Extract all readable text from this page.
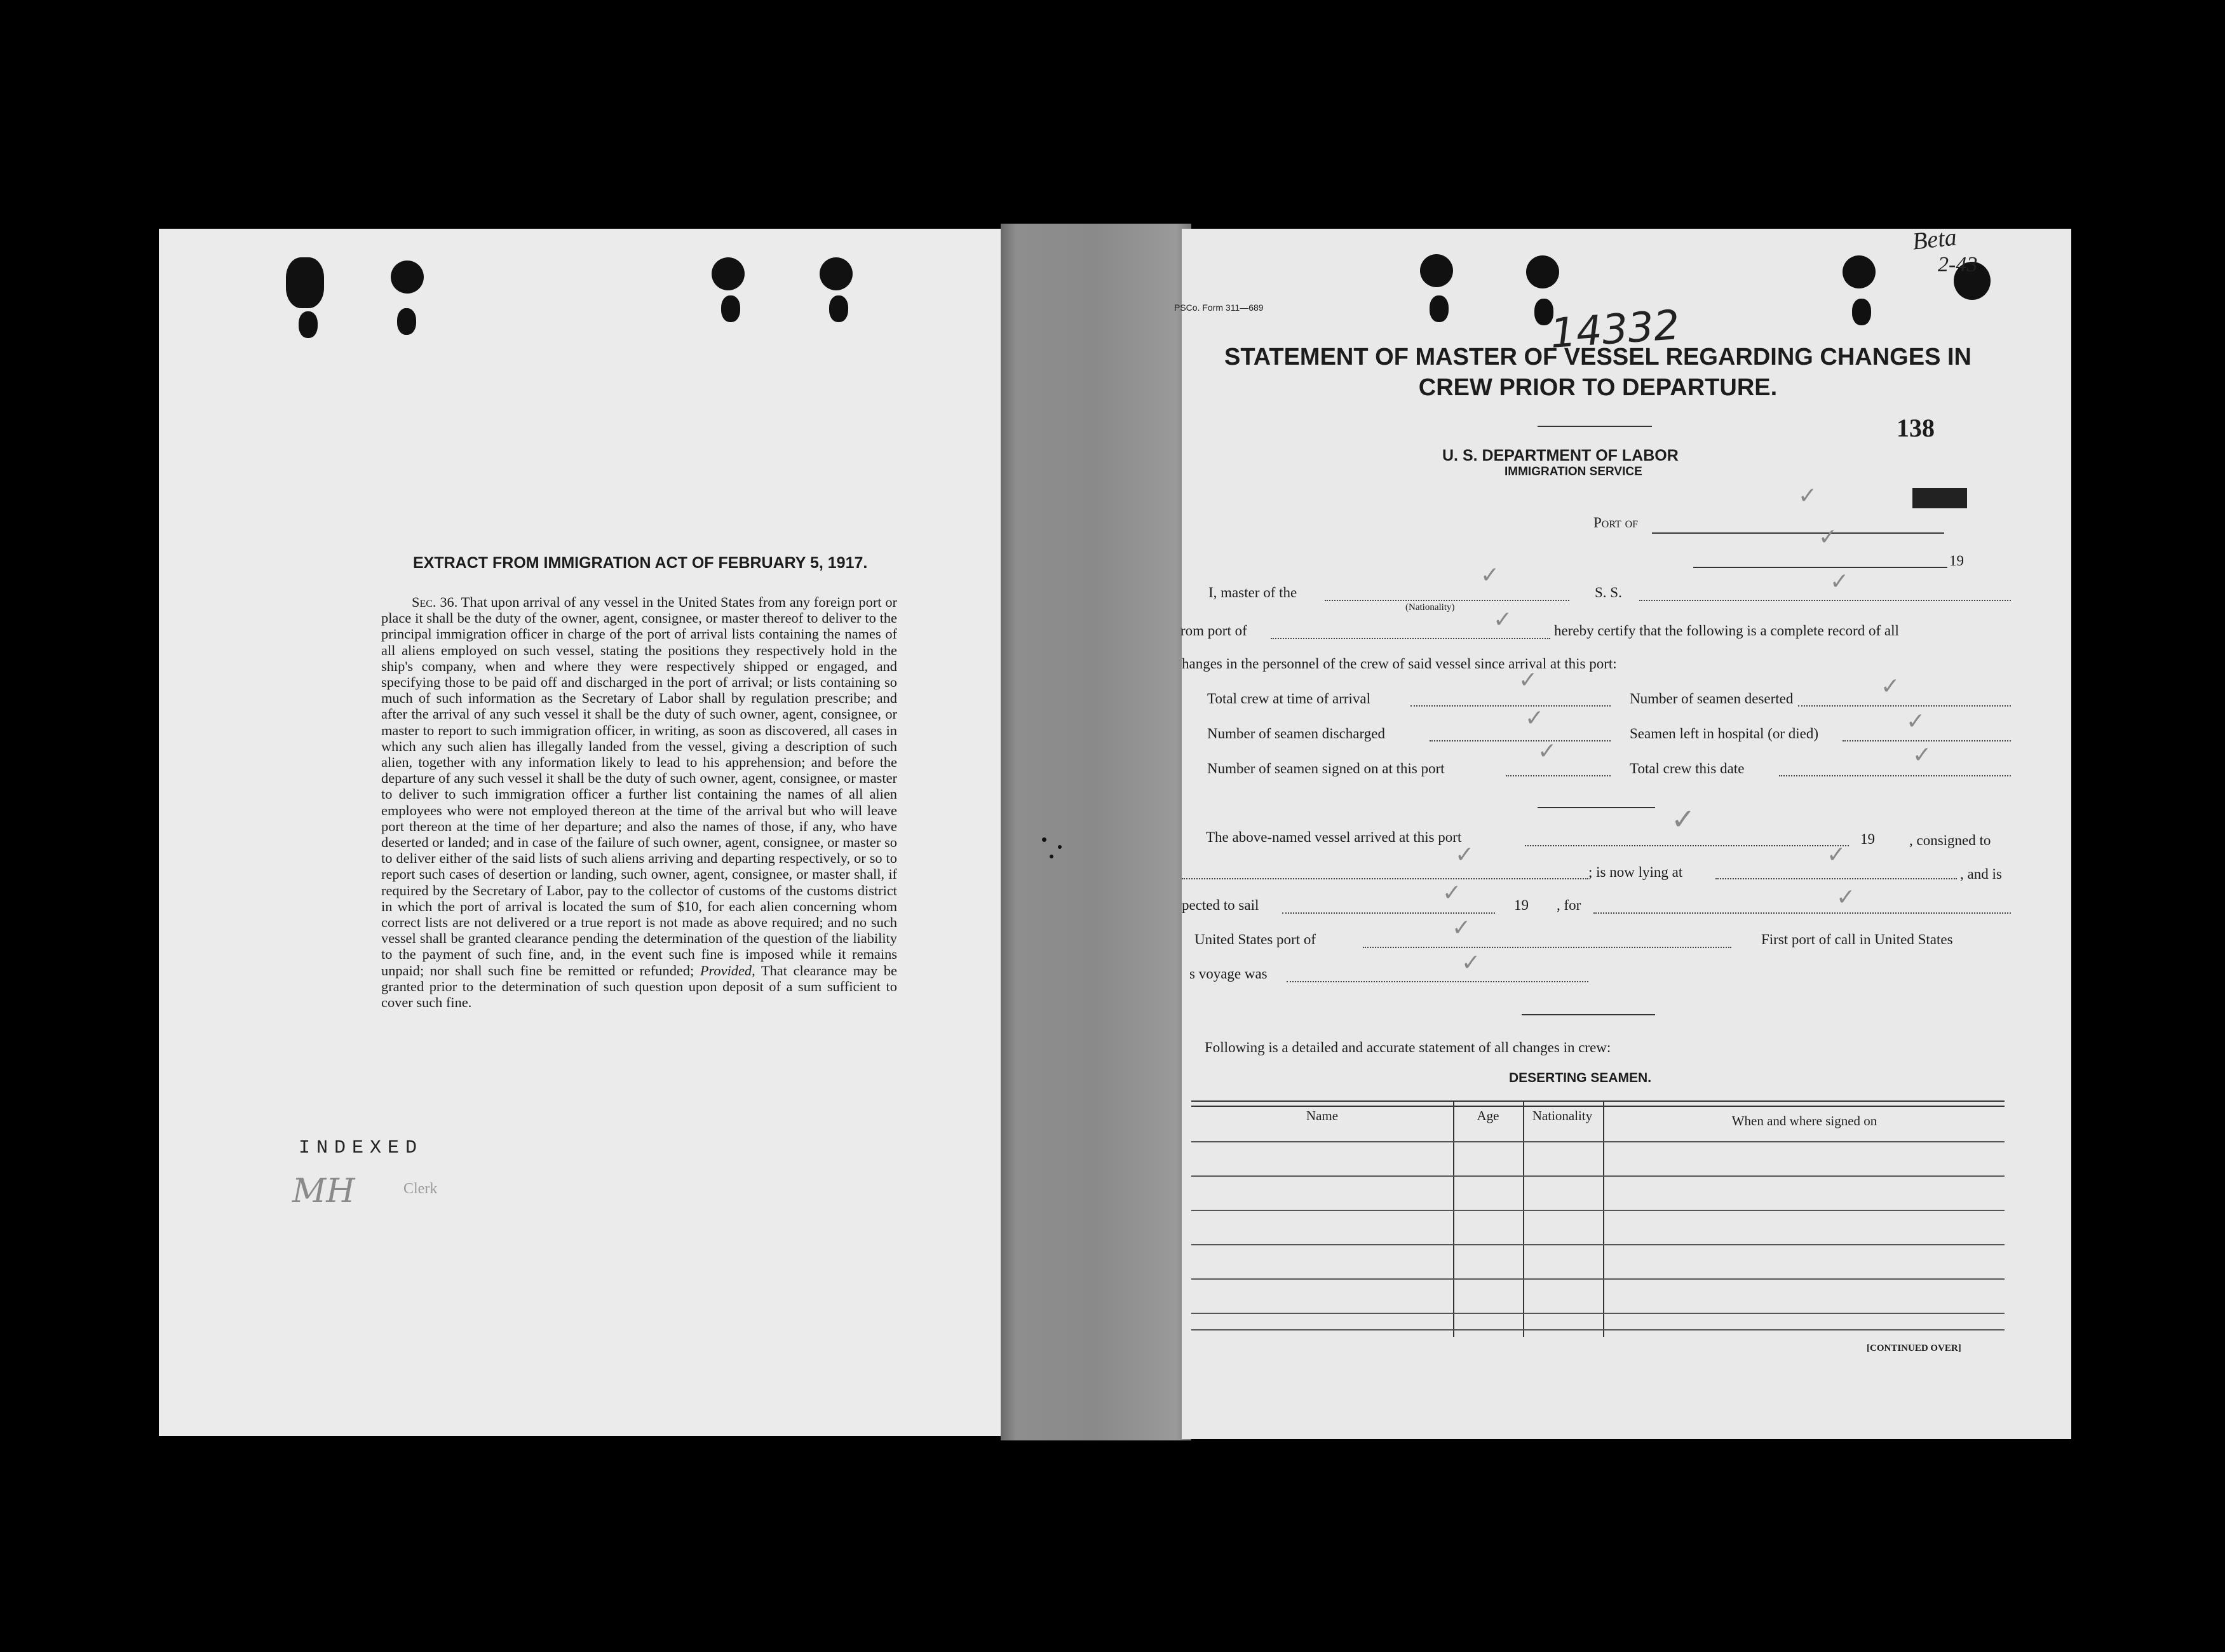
EXTRACT FROM IMMIGRATION ACT OF FEBRUARY 5, 1917.
Sec. 36. That upon arrival of any vessel in the United States from any foreign port or place it shall be the duty of the owner, agent, consignee, or master thereof to deliver to the principal immigration officer in charge of the port of arrival lists containing the names of all aliens employed on such vessel, stating the positions they respectively hold in the ship's company, when and where they were respectively shipped or engaged, and specifying those to be paid off and discharged in the port of arrival; or lists containing so much of such information as the Secretary of Labor shall by regulation prescribe; and after the arrival of any such vessel it shall be the duty of such owner, agent, consignee, or master to report to such immigration officer, in writing, as soon as discovered, all cases in which any such alien has illegally landed from the vessel, giving a description of such alien, together with any information likely to lead to his apprehension; and before the departure of any such vessel it shall be the duty of such owner, agent, consignee, or master to deliver to such immigration officer a further list containing the names of all alien employees who were not employed thereon at the time of the arrival but who will leave port thereon at the time of her departure; and also the names of those, if any, who have deserted or landed; and in case of the failure of such owner, agent, consignee, or master so to deliver either of the said lists of such aliens arriving and departing respectively, or so to report such cases of desertion or landing, such owner, agent, consignee, or master shall, if required by the Secretary of Labor, pay to the collector of customs of the customs district in which the port of arrival is located the sum of $10, for each alien concerning whom correct lists are not delivered or a true report is not made as above required; and no such vessel shall be granted clearance pending the determination of the question of the liability to the payment of such fine, and, in the event such fine is imposed while it remains unpaid; nor shall such fine be remitted or refunded; Provided, That clearance may be granted prior to the determination of such question upon deposit of a sum sufficient to cover such fine.
INDEXED
MH	Clerk
PSCo. Form 311—689	14332
Beta
2-43
STATEMENT OF MASTER OF VESSEL REGARDING CHANGES IN
CREW PRIOR TO DEPARTURE.
138
U. S. DEPARTMENT OF LABOR
IMMIGRATION SERVICE
Port of
19
✓
✓
I, master of the
(Nationality)
S. S.
✓	✓
rom port of	hereby certify that the following is a complete record of all
✓
hanges in the personnel of the crew of said vessel since arrival at this port:
Total crew at time of arrival	Number of seamen deserted
✓	✓
Number of seamen discharged	Seamen left in hospital (or died)
✓	✓
Number of seamen signed on at this port	Total crew this date
✓	✓
The above-named vessel arrived at this port	19 , consigned to
✓
; is now lying at	, and is
✓	✓
pected to sail	19 , for
✓	✓
United States port of	First port of call in United States
✓
s voyage was	✓
Following is a detailed and accurate statement of all changes in crew:
DESERTING SEAMEN.
Name	Age	Nationality	When and where signed on
[CONTINUED OVER]
